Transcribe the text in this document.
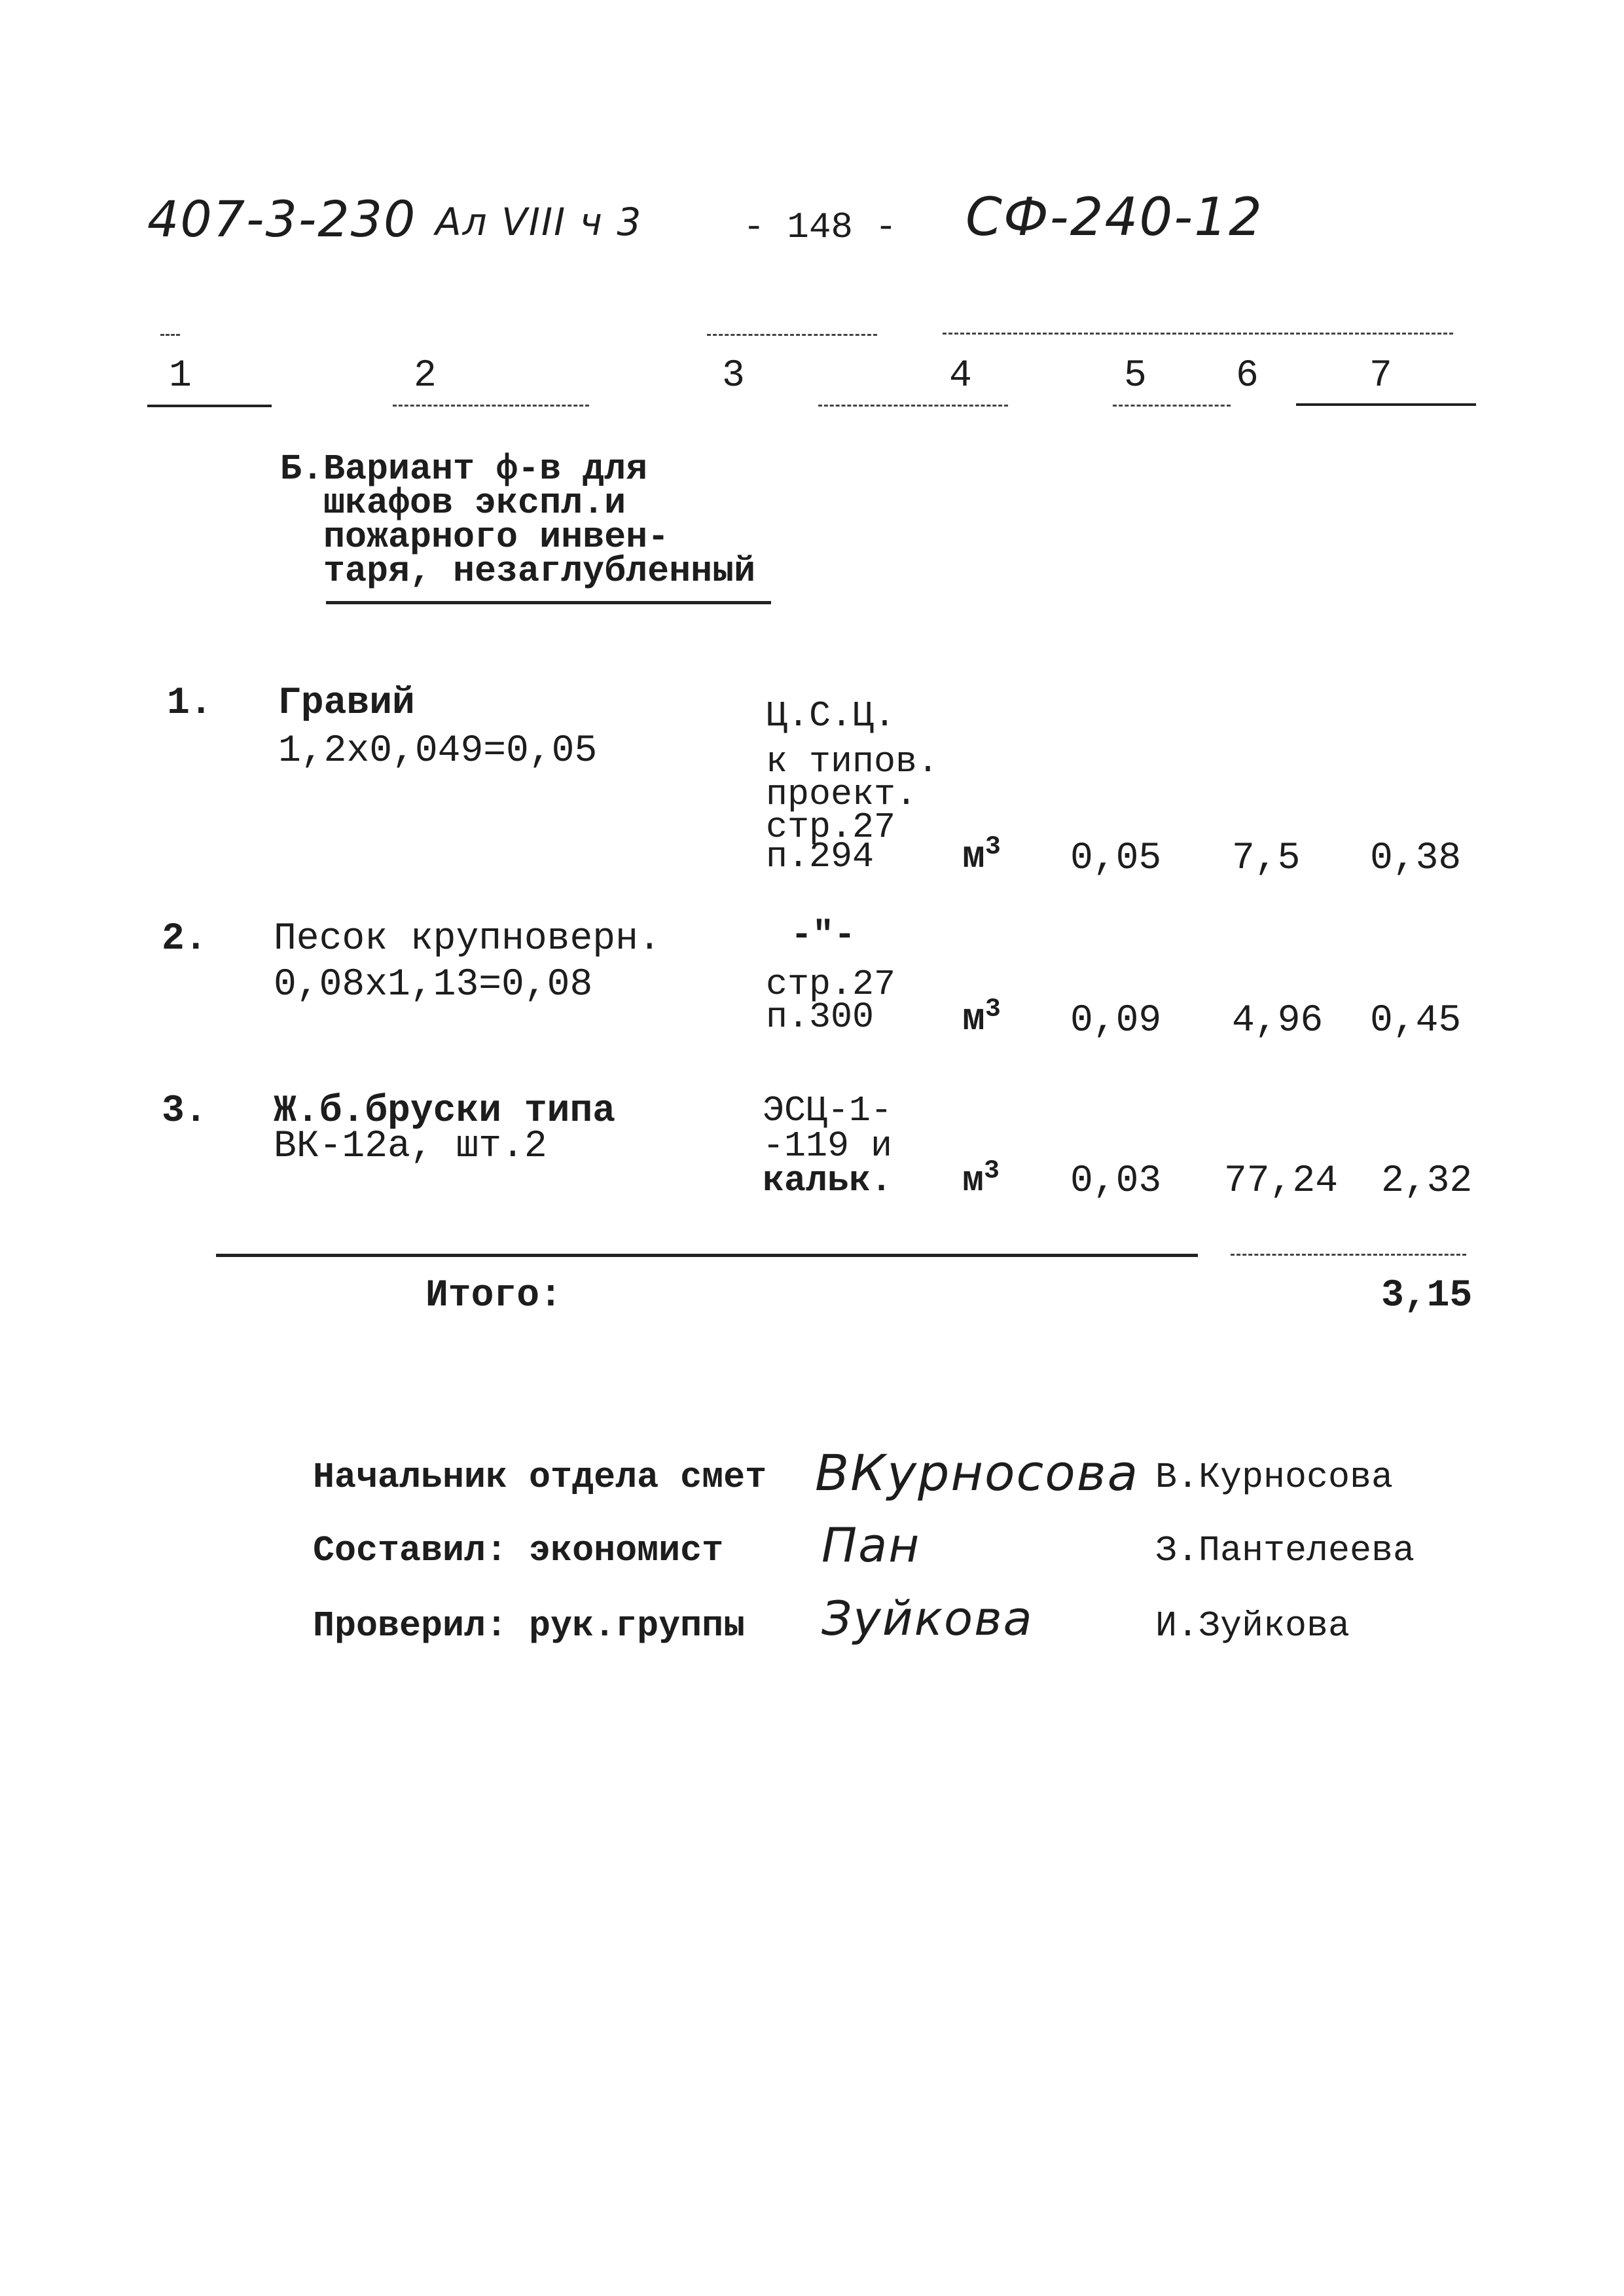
407-3-230 Ал VIII ч 3	- 148 - СФ-240-12
1	2	3	4	5 6	7
Б.Вариант ф-в для
шкафов экспл.и
пожарного инвен-
таря, незаглубленный
1. Гравий
1,2х0,049=0,05
Ц.С.Ц.
к типов.
проект.
стр.27
п.294 $м^3$ 0,05 7,5 0,38
2. Песок крупноверн.
0,08х1,13=0,08
-"-
стр.27
п.300 $м^3$ 0,09 4,96 0,45
3. Ж.б.бруски типа
ВК-12а, шт.2
ЭСЦ-1-
-119 и
кальк. $м^3$ 0,03 77,24 2,32
Итого:	3,15
Начальник отдела смет ВКурносова В.Курносова
Составил: экономист Пан	З.Пантелеева
Проверил: рук.группы Зуйкова	И.Зуйкова
